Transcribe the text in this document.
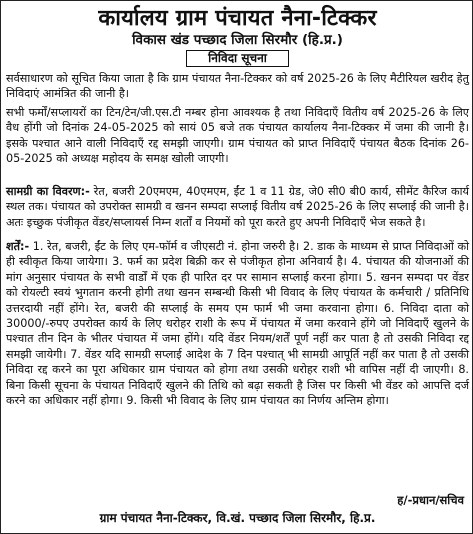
कार्यालय ग्राम पंचायत नैना-टिक्कर
विकास खंड पच्छाद जिला सिरमौर (हि.प्र.)
निविदा सूचना
सर्वसाधारण को सूचित किया जाता है कि ग्राम पंचायत नैना-टिक्कर को वर्ष 2025-26 के लिए मैटीरियल खरीद हेतु निविदाएं आमंत्रित की जानी है।
सभी फर्मों/सप्लायरों का टिन/टेन/जी.एस.टी नम्बर होना आवश्यक है तथा निविदाएँ वितीय वर्ष 2025-26 के लिए वैध होंगी जो दिनांक 24-05-2025 को सायं 05 बजे तक पंचायत कार्यालय नैना-टिक्कर में जमा की जानी है। इसके पश्चात आने वाली निविदाएँ रद्द समझी जाएगी। ग्राम पंचायत को प्राप्त निविदाएँ पंचायत बैठक दिनांक 26-05-2025 को अध्यक्ष महोदय के समक्ष खोली जाएगी।
सामग्री का विवरण:- रेत, बजरी 20एमएम, 40एमएम, ईंट 1 व 11 ग्रेड, जे0 सी0 बी0 कार्य, सीमेंट कैरिज कार्य स्थल तक। पंचायत को उपरोक्त सामग्री व खनन सम्पदा सप्लाई वितीय वर्ष 2025-26 के लिए सप्लाई की जानी है। अतः इच्छुक पंजीकृत वेंडर/सप्लायर्स निम्न शर्तों व नियमों को पूरा करते हुए अपनी निविदाएँ भेज सकते है।
शर्तें:- 1. रेत, बजरी, ईंट के लिए एम-फॉर्म व जीएसटी नं. होना जरुरी है। 2. डाक के माध्यम से प्राप्त निविदाओं को ही स्वीकृत किया जायेगा। 3. फर्म का प्रदेश बिक्री कर से पंजीकृत होना अनिवार्य है। 4. पंचायत की योजनाओं की मांग अनुसार पंचायत के सभी वार्डों में एक ही पारित दर पर सामान सप्लाई करना होगा। 5. खनन सम्पदा पर वेंडर को रोयल्टी स्वयं भुगतान करनी होगी तथा खनन सम्बन्धी किसी भी विवाद के लिए पंचायत के कर्मचारी / प्रतिनिधि उत्तरदायी नहीं होंगे। रेत, बजरी की सप्लाई के समय एम फार्म भी जमा करवाना होगा। 6. निविदा दाता को 30000/-रुपए उपरोक्त कार्य के लिए धरोहर राशी के रूप में पंचायत में जमा करवाने होंगे जो निविदाएँ खुलने के पश्चात तीन दिन के भीतर पंचायत में जमा होंगे। यदि वेंडर नियम/शर्तें पूर्ण नहीं कर पाता है तो उसकी निविदा रद्द समझी जायेगी। 7. वेंडर यदि सामग्री सप्लाई आदेश के 7 दिन पश्चात् भी सामग्री आपूर्ति नहीं कर पाता है तो उसकी निविदा रद्द करने का पूरा अधिकार ग्राम पंचायत को होगा तथा उसकी धरोहर राशी भी वापिस नहीं दी जाएगी। 8. बिना किसी सूचना के पंचायत निविदाएँ खुलने की तिथि को बढ़ा सकती है जिस पर किसी भी वेंडर को आपत्ति दर्ज करने का अधिकार नहीं होगा। 9. किसी भी विवाद के लिए ग्राम पंचायत का निर्णय अन्तिम होगा।
ह/-प्रधान/सचिव
ग्राम पंचायत नैना-टिक्कर, वि.खं. पच्छाद जिला सिरमौर, हि.प्र.
